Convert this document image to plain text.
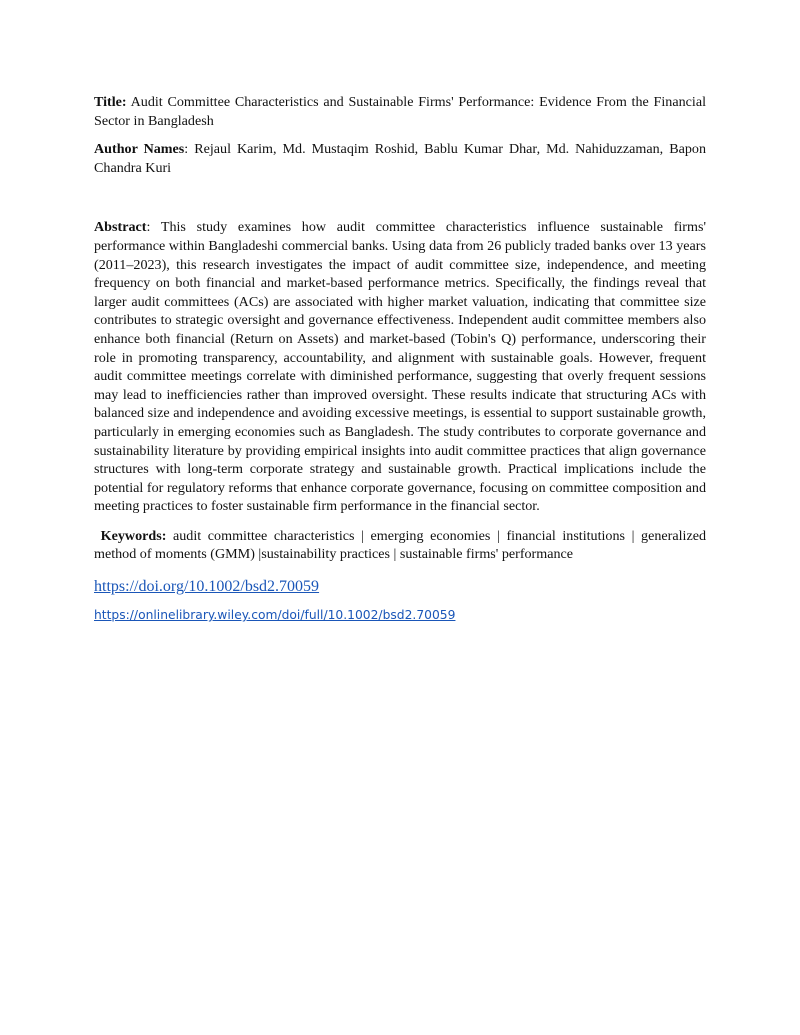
Title: Audit Committee Characteristics and Sustainable Firms' Performance: Evidence From the Financial Sector in Bangladesh

Author Names: Rejaul Karim, Md. Mustaqim Roshid, Bablu Kumar Dhar, Md. Nahiduzzaman, Bapon Chandra Kuri

Abstract: This study examines how audit committee characteristics influence sustainable firms' performance within Bangladeshi commercial banks. Using data from 26 publicly traded banks over 13 years (2011–2023), this research investigates the impact of audit committee size, independence, and meeting frequency on both financial and market-based performance metrics. Specifically, the findings reveal that larger audit committees (ACs) are associated with higher market valuation, indicating that committee size contributes to strategic oversight and governance effectiveness. Independent audit committee members also enhance both financial (Return on Assets) and market-based (Tobin's Q) performance, underscoring their role in promoting transparency, accountability, and alignment with sustainable goals. However, frequent audit committee meetings correlate with diminished performance, suggesting that overly frequent sessions may lead to inefficiencies rather than improved oversight. These results indicate that structuring ACs with balanced size and independence and avoiding excessive meetings, is essential to support sustainable growth, particularly in emerging economies such as Bangladesh. The study contributes to corporate governance and sustainability literature by providing empirical insights into audit committee practices that align governance structures with long-term corporate strategy and sustainable growth. Practical implications include the potential for regulatory reforms that enhance corporate governance, focusing on committee composition and meeting practices to foster sustainable firm performance in the financial sector.

Keywords: audit committee characteristics | emerging economies | financial institutions | generalized method of moments (GMM) |sustainability practices | sustainable firms' performance

https://doi.org/10.1002/bsd2.70059

https://onlinelibrary.wiley.com/doi/full/10.1002/bsd2.70059
